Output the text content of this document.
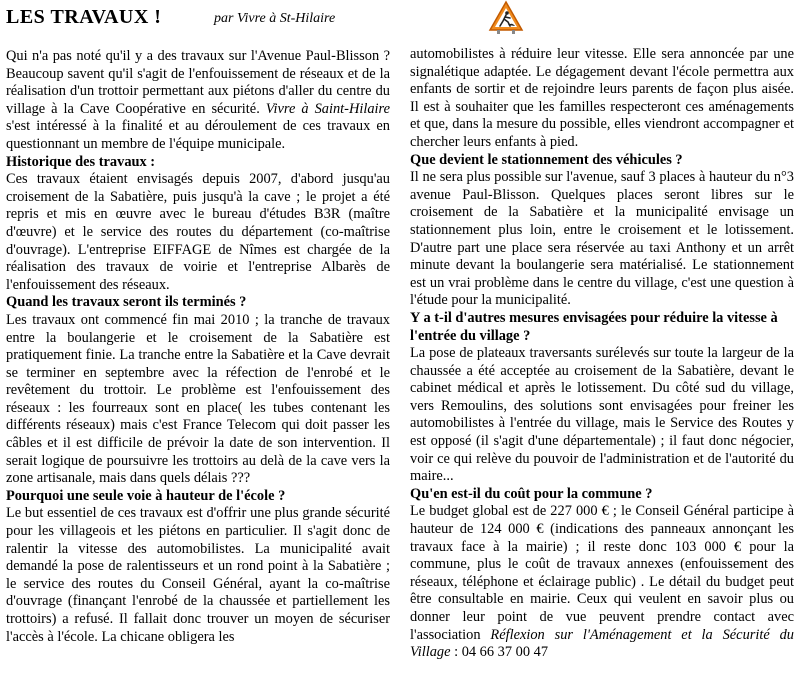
LES TRAVAUX !	par Vivre à St-Hilaire

Qui n'a pas noté qu'il y a des travaux sur l'Avenue Paul-Blisson ? Beaucoup savent qu'il s'agit de l'enfouissement de réseaux et de la réalisation d'un trottoir permettant aux piétons d'aller du centre du village à la Cave Coopérative en sécurité. Vivre à Saint-Hilaire s'est intéressé à la finalité et au déroulement de ces travaux en questionnant un membre de l'équipe municipale.

Historique des travaux :

Ces travaux étaient envisagés depuis 2007, d'abord jusqu'au croisement de la Sabatière, puis jusqu'à la cave ; le projet a été repris et mis en œuvre avec le bureau d'études B3R (maître d'œuvre) et le service des routes du département (co-maîtrise d'ouvrage). L'entreprise EIFFAGE de Nîmes est chargée de la réalisation des travaux de voirie et l'entreprise Albarès de l'enfouissement des réseaux.

Quand les travaux seront ils terminés ?

Les travaux ont commencé fin mai 2010 ; la tranche de travaux entre la boulangerie et le croisement de la Sabatière est pratiquement finie. La tranche entre la Sabatière et la Cave devrait se terminer en septembre avec la réfection de l'enrobé et le revêtement du trottoir. Le problème est l'enfouissement des réseaux : les fourreaux sont en place( les tubes contenant les différents réseaux) mais c'est France Telecom qui doit passer les câbles et il est difficile de prévoir la date de son intervention. Il serait logique de poursuivre les trottoirs au delà de la cave vers la zone artisanale, mais dans quels délais ???

Pourquoi une seule voie à hauteur de l'école ?

Le but essentiel de ces travaux est d'offrir une plus grande sécurité pour les villageois et les piétons en particulier. Il s'agit donc de ralentir la vitesse des automobilistes. La municipalité avait demandé la pose de ralentisseurs et un rond point à la Sabatière ; le service des routes du Conseil Général, ayant la co-maîtrise d'ouvrage (finançant l'enrobé de la chaussée et partiellement les trottoirs) a refusé. Il fallait donc trouver un moyen de sécuriser l'accès à l'école. La chicane obligera les

automobilistes à réduire leur vitesse. Elle sera annoncée par une signalétique adaptée. Le dégagement devant l'école permettra aux enfants de sortir et de rejoindre leurs parents de façon plus aisée. Il est à souhaiter que les familles respecteront ces aménagements et que, dans la mesure du possible, elles viendront accompagner et chercher leurs enfants à pied.

Que devient le stationnement des véhicules ?

Il ne sera plus possible sur l'avenue, sauf 3 places à hauteur du n°3 avenue Paul-Blisson. Quelques places seront libres sur le croisement de la Sabatière et la municipalité envisage un stationnement plus loin, entre le croisement et le lotissement. D'autre part une place sera réservée au taxi Anthony et un arrêt minute devant la boulangerie sera matérialisé. Le stationnement est un vrai problème dans le centre du village, c'est une question à l'étude pour la municipalité.

Y a t-il d'autres mesures envisagées pour réduire la vitesse à l'entrée du village ?

La pose de plateaux traversants surélevés sur toute la largeur de la chaussée a été acceptée au croisement de la Sabatière, devant le cabinet médical et après le lotissement. Du côté sud du village, vers Remoulins, des solutions sont envisagées pour freiner les automobilistes à l'entrée du village, mais le Service des Routes y est opposé (il s'agit d'une départementale) ; il faut donc négocier, voir ce qui relève du pouvoir de l'administration et de l'autorité du maire...

Qu'en est-il du coût pour la commune ?

Le budget global est de 227 000 € ; le Conseil Général participe à hauteur de 124 000 € (indications des panneaux annonçant les travaux face à la mairie) ; il reste donc 103 000 € pour la commune, plus le coût de travaux annexes (enfouissement des réseaux, téléphone et éclairage public) . Le détail du budget peut être consultable en mairie. Ceux qui veulent en savoir plus ou donner leur point de vue peuvent prendre contact avec l'association Réflexion sur l'Aménagement et la Sécurité du Village : 04 66 37 00 47
